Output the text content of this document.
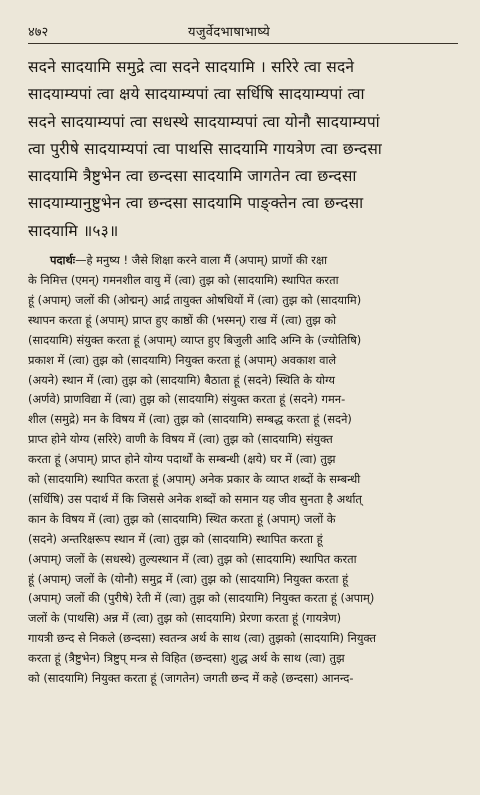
४७२	यजुर्वेदभाषाभाष्ये
सदने सादयामि समुद्रे त्वा सदने सादयामि । सरिरे त्वा सदने
सादयाम्यपां त्वा क्षये सादयाम्यपां त्वा सर्धिषि सादयाम्यपां त्वा
सदने सादयाम्यपां त्वा सधस्थे सादयाम्यपां त्वा योनौ सादयाम्यपां
त्वा पुरीषे सादयाम्यपां त्वा पाथसि सादयामि गायत्रेण त्वा छन्दसा
सादयामि त्रैष्टुभेन त्वा छन्दसा सादयामि जागतेन त्वा छन्दसा
सादयाम्यानुष्टुभेन त्वा छन्दसा सादयामि पाङ्क्तेन त्वा छन्दसा
सादयामि ॥५३॥
पदार्थः—हे मनुष्य ! जैसे शिक्षा करने वाला मैं (अपाम्) प्राणों की रक्षा
के निमित्त (एमन्) गमनशील वायु में (त्वा) तुझ को (सादयामि) स्थापित करता
हूं (अपाम्) जलों की (ओद्मन्) आर्द्र तायुक्त ओषधियों में (त्वा) तुझ को (सादयामि)
स्थापन करता हूं (अपाम्) प्राप्त हुए काष्ठों की (भस्मन्) राख में (त्वा) तुझ को
(सादयामि) संयुक्त करता हूं (अपाम्) व्याप्त हुए बिजुली आदि अग्नि के (ज्योतिषि)
प्रकाश में (त्वा) तुझ को (सादयामि) नियुक्त करता हूं (अपाम्) अवकाश वाले
(अयने) स्थान में (त्वा) तुझ को (सादयामि) बैठाता हूं (सदने) स्थिति के योग्य
(अर्णवे) प्राणविद्या में (त्वा) तुझ को (सादयामि) संयुक्त करता हूं (सदने) गमन-
शील (समुद्रे) मन के विषय में (त्वा) तुझ को (सादयामि) सम्बद्ध करता हूं (सदने)
प्राप्त होने योग्य (सरिरे) वाणी के विषय में (त्वा) तुझ को (सादयामि) संयुक्त
करता हूं (अपाम्) प्राप्त होने योग्य पदार्थों के सम्बन्धी (क्षये) घर में (त्वा) तुझ
को (सादयामि) स्थापित करता हूं (अपाम्) अनेक प्रकार के व्याप्त शब्दों के सम्बन्धी
(सर्धिषि) उस पदार्थ में कि जिससे अनेक शब्दों को समान यह जीव सुनता है अर्थात्
कान के विषय में (त्वा) तुझ को (सादयामि) स्थित करता हूं (अपाम्) जलों के
(सदने) अन्तरिक्षरूप स्थान में (त्वा) तुझ को (सादयामि) स्थापित करता हूं
(अपाम्) जलों के (सधस्थे) तुल्यस्थान में (त्वा) तुझ को (सादयामि) स्थापित करता
हूं (अपाम्) जलों के (योनौ) समुद्र में (त्वा) तुझ को (सादयामि) नियुक्त करता हूं
(अपाम्) जलों की (पुरीषे) रेती में (त्वा) तुझ को (सादयामि) नियुक्त करता हूं (अपाम्)
जलों के (पाथसि) अन्न में (त्वा) तुझ को (सादयामि) प्रेरणा करता हूं (गायत्रेण)
गायत्री छन्द से निकले (छन्दसा) स्वतन्त्र अर्थ के साथ (त्वा) तुझको (सादयामि) नियुक्त
करता हूं (त्रैष्टुभेन) त्रिष्टुप् मन्त्र से विहित (छन्दसा) शुद्ध अर्थ के साथ (त्वा) तुझ
को (सादयामि) नियुक्त करता हूं (जागतेन) जगती छन्द में कहे (छन्दसा) आनन्द-
